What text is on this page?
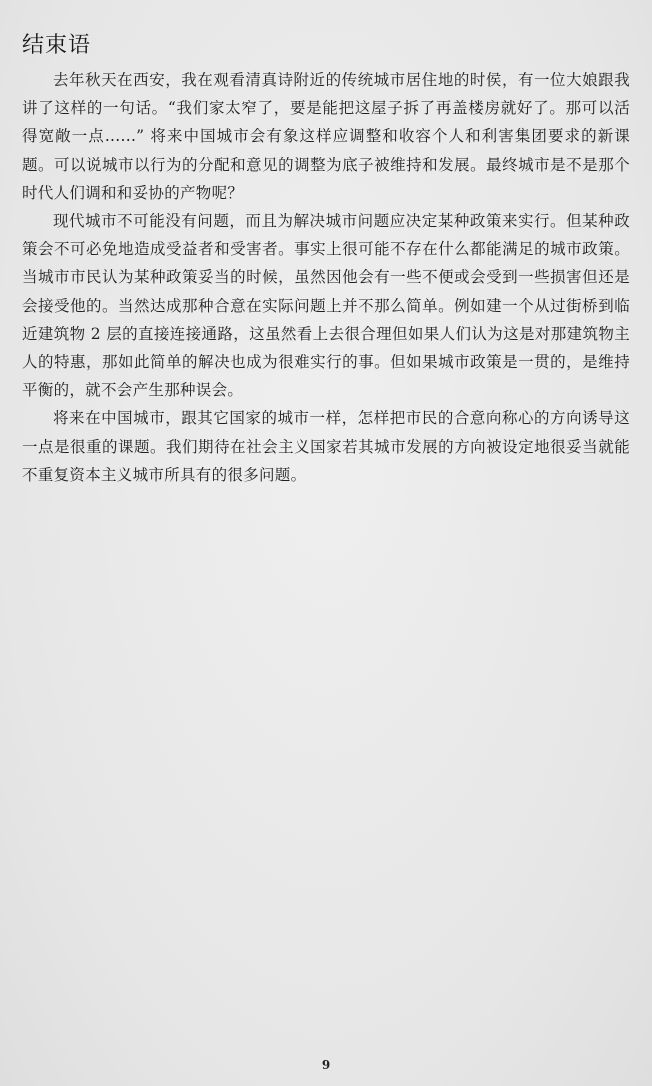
结束语

去年秋天在西安，我在观看清真诗附近的传统城市居住地的时侯，有一位大娘跟我讲了这样的一句话。“我们家太窄了，要是能把这屋子拆了再盖楼房就好了。那可以活得宽敞一点......” 将来中国城市会有象这样应调整和收容个人和利害集团要求的新课题。可以说城市以行为的分配和意见的调整为底子被维持和发展。最终城市是不是那个时代人们调和和妥协的产物呢？

现代城市不可能没有问题，而且为解决城市问题应决定某种政策来实行。但某种政策会不可必免地造成受益者和受害者。事实上很可能不存在什么都能满足的城市政策。当城市市民认为某种政策妥当的时候，虽然因他会有一些不便或会受到一些损害但还是会接受他的。当然达成那种合意在实际问题上并不那么简单。例如建一个从过街桥到临近建筑物 2 层的直接连接通路，这虽然看上去很合理但如果人们认为这是对那建筑物主人的特惠，那如此简单的解决也成为很难实行的事。但如果城市政策是一贯的，是维持平衡的，就不会产生那种误会。

将来在中国城市，跟其它国家的城市一样，怎样把市民的合意向称心的方向诱导这一点是很重的课题。我们期待在社会主义国家若其城市发展的方向被设定地很妥当就能不重复资本主义城市所具有的很多问题。

9
